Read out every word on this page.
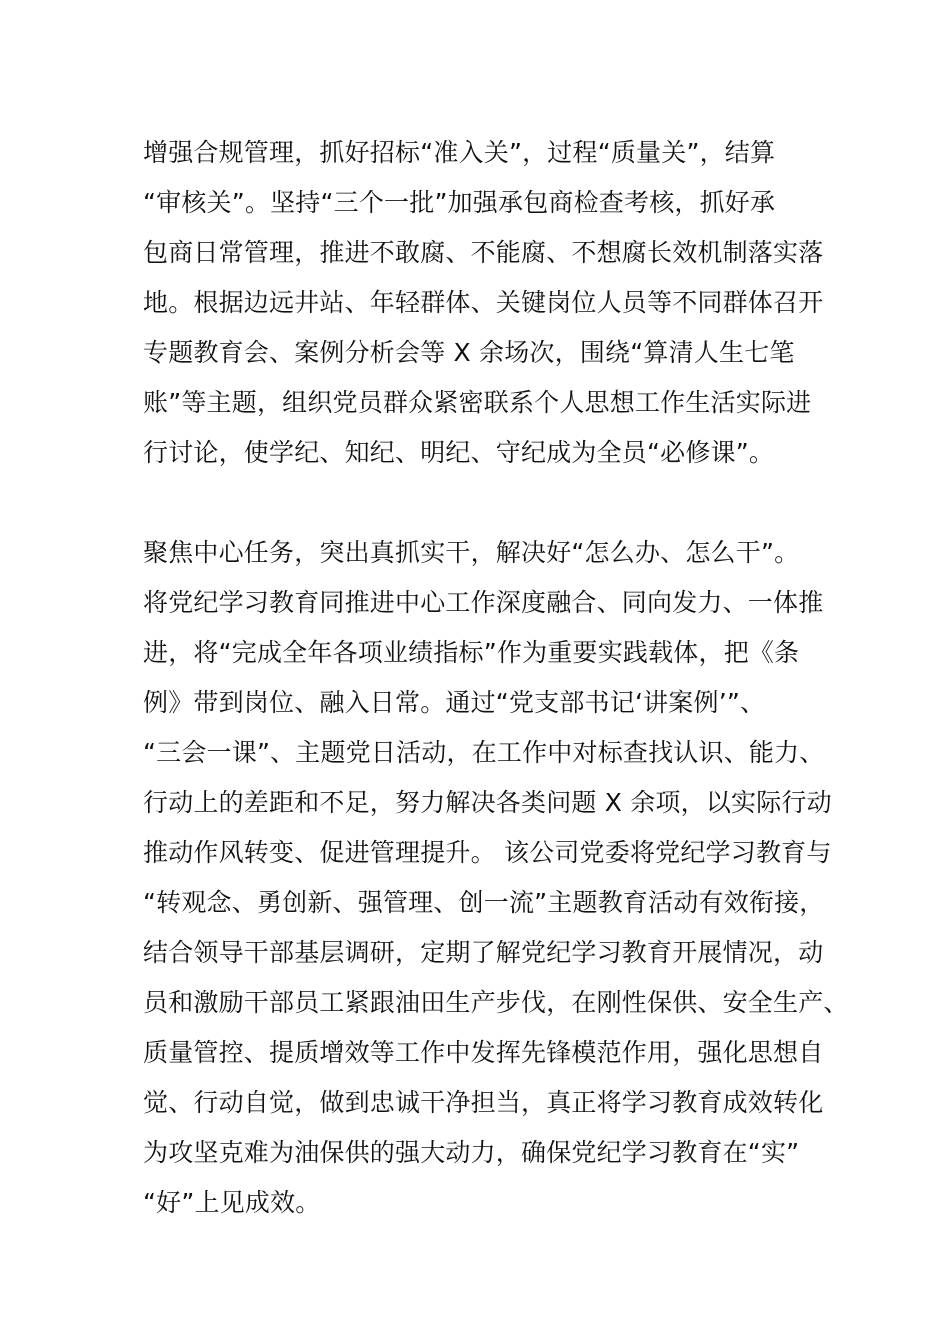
增强合规管理，抓好招标“准入关”，过程“质量关”，结算
“审核关”。坚持“三个一批”加强承包商检查考核，抓好承
包商日常管理，推进不敢腐、不能腐、不想腐长效机制落实落
地。根据边远井站、年轻群体、关键岗位人员等不同群体召开
专题教育会、案例分析会等 X 余场次，围绕“算清人生七笔
账”等主题，组织党员群众紧密联系个人思想工作生活实际进
行讨论，使学纪、知纪、明纪、守纪成为全员“必修课”。
聚焦中心任务，突出真抓实干，解决好“怎么办、怎么干”。
将党纪学习教育同推进中心工作深度融合、同向发力、一体推
进，将“完成全年各项业绩指标”作为重要实践载体，把《条
例》带到岗位、融入日常。通过“党支部书记‘讲案例’”、
“三会一课”、主题党日活动，在工作中对标查找认识、能力、
行动上的差距和不足，努力解决各类问题 X 余项，以实际行动
推动作风转变、促进管理提升。 该公司党委将党纪学习教育与
“转观念、勇创新、强管理、创一流”主题教育活动有效衔接，
结合领导干部基层调研，定期了解党纪学习教育开展情况，动
员和激励干部员工紧跟油田生产步伐，在刚性保供、安全生产、
质量管控、提质增效等工作中发挥先锋模范作用，强化思想自
觉、行动自觉，做到忠诚干净担当，真正将学习教育成效转化
为攻坚克难为油保供的强大动力，确保党纪学习教育在“实”
“好”上见成效。
